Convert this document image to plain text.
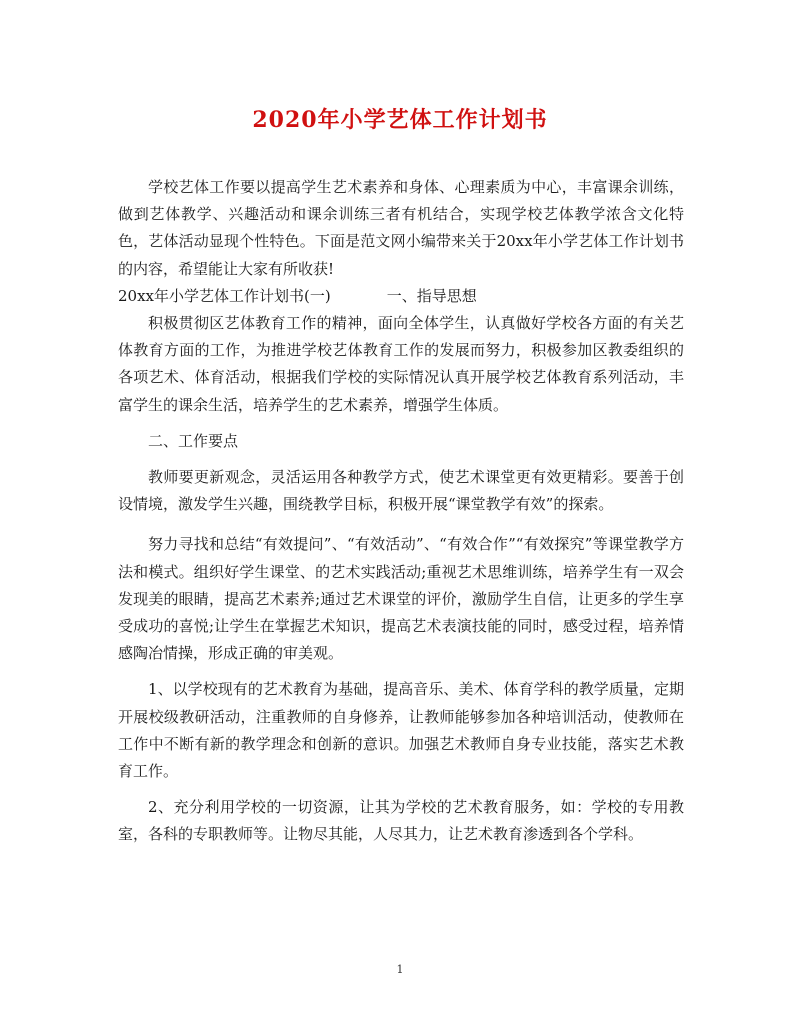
2020年小学艺体工作计划书

学校艺体工作要以提高学生艺术素养和身体、心理素质为中心，丰富课余训练，做到艺体教学、兴趣活动和课余训练三者有机结合，实现学校艺体教学浓含文化特色，艺体活动显现个性特色。下面是范文网小编带来关于20xx年小学艺体工作计划书的内容，希望能让大家有所收获!

20xx年小学艺体工作计划书(一)	一、指导思想

积极贯彻区艺体教育工作的精神，面向全体学生，认真做好学校各方面的有关艺体教育方面的工作，为推进学校艺体教育工作的发展而努力，积极参加区教委组织的各项艺术、体育活动，根据我们学校的实际情况认真开展学校艺体教育系列活动，丰富学生的课余生活，培养学生的艺术素养，增强学生体质。

二、工作要点

教师要更新观念，灵活运用各种教学方式，使艺术课堂更有效更精彩。要善于创设情境，激发学生兴趣，围绕教学目标，积极开展“课堂教学有效”的探索。

努力寻找和总结“有效提问”、“有效活动”、“有效合作”“有效探究”等课堂教学方法和模式。组织好学生课堂、的艺术实践活动;重视艺术思维训练，培养学生有一双会发现美的眼睛，提高艺术素养;通过艺术课堂的评价，激励学生自信，让更多的学生享受成功的喜悦;让学生在掌握艺术知识，提高艺术表演技能的同时，感受过程，培养情感陶冶情操，形成正确的审美观。

1、以学校现有的艺术教育为基础，提高音乐、美术、体育学科的教学质量，定期开展校级教研活动，注重教师的自身修养，让教师能够参加各种培训活动，使教师在工作中不断有新的教学理念和创新的意识。加强艺术教师自身专业技能，落实艺术教育工作。

2、充分利用学校的一切资源，让其为学校的艺术教育服务，如：学校的专用教室，各科的专职教师等。让物尽其能，人尽其力，让艺术教育渗透到各个学科。

1
